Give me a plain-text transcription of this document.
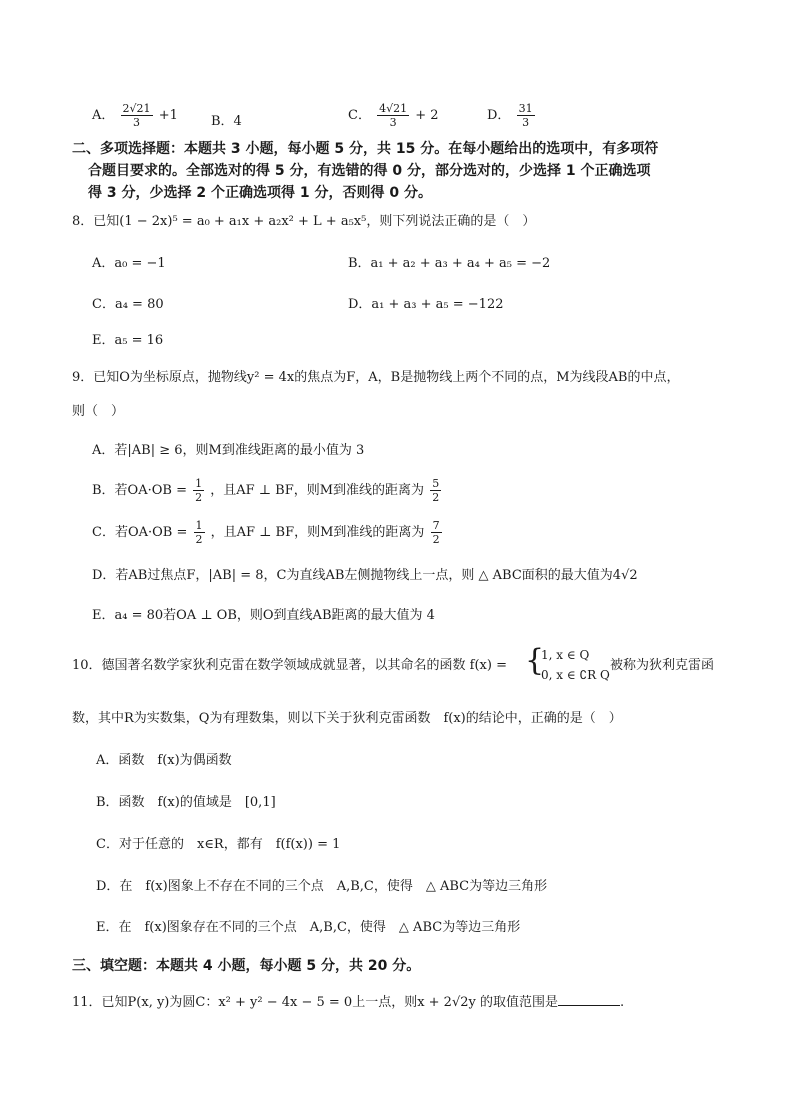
A． $\frac{2√21}{3} +1$	B．4	C． $\frac{4√21}{3} + 2$	D． $\frac{31}{3}$
二、多项选择题：本题共 3 小题，每小题 5 分，共 15 分。在每小题给出的选项中，有多项符
合题目要求的。全部选对的得 5 分，有选错的得 0 分，部分选对的，少选择 1 个正确选项
得 3 分，少选择 2 个正确选项得 1 分，否则得 0 分。
8．已知(1 − 2x)⁵ = a₀ + a₁x + a₂x² + L + a₅x⁵，则下列说法正确的是（　）
A．a₀ = −1	B．a₁ + a₂ + a₃ + a₄ + a₅ = −2
C．a₄ = 80	D．a₁ + a₃ + a₅ = −122
E．a₅ = 16
9．已知O为坐标原点，抛物线y² = 4x的焦点为F，A，B是抛物线上两个不同的点，M为线段AB的中点，
则（　）
A．若|AB| ≥ 6，则M到准线距离的最小值为 3
B．若$OA\cdot OB = \frac{1}{2}$ ，且AF ⊥ BF，则M到准线的距离为 $\frac{5}{2}$
C．若$OA\cdot OB = \frac{1}{2}$ ，且AF ⊥ BF，则M到准线的距离为 $\frac{7}{2}$
D．若AB过焦点F，|AB| = 8，C为直线AB左侧抛物线上一点，则 △ ABC面积的最大值为4√2
E．a₄ = 80若OA ⊥ OB，则O到直线AB距离的最大值为 4
10．德国著名数学家狄利克雷在数学领域成就显著，以其命名的函数 f(x) = {
1, x ∈ Q
0, x ∈ ∁R Q
被称为狄利克雷函
数，其中R为实数集，Q为有理数集，则以下关于狄利克雷函数　f(x)的结论中，正确的是（　）
A．函数　f(x)为偶函数
B．函数　f(x)的值域是　[0,1]
C．对于任意的　x∈R，都有　f(f(x)) = 1
D．在　f(x)图象上不存在不同的三个点　A,B,C，使得　△ ABC为等边三角形
E．在　f(x)图象存在不同的三个点　A,B,C，使得　△ ABC为等边三角形
三、填空题：本题共 4 小题，每小题 5 分，共 20 分。
11．已知P(x, y)为圆C：x² + y² − 4x − 5 = 0上一点，则x + 2√2y 的取值范围是	.
